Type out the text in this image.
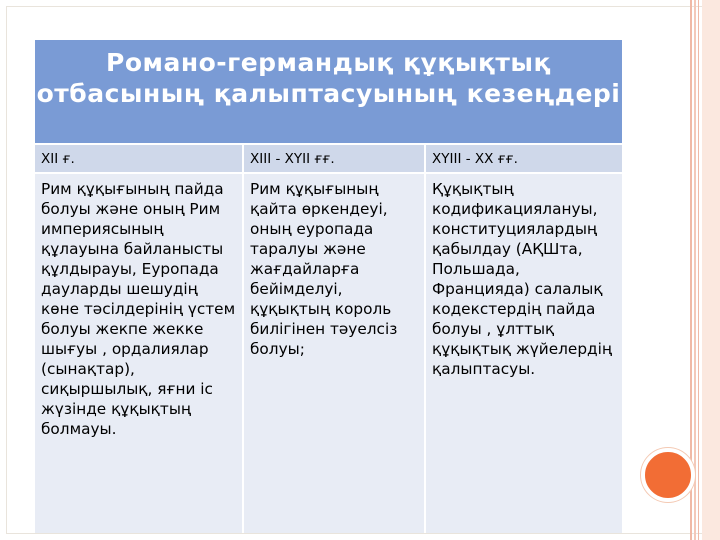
Романо-германдық құқықтық отбасының қалыптасуының кезеңдері		
XII ғ.	XIII - XYII ғғ.	XYIII - XX ғғ.
Рим құқығының пайда болуы және оның Рим империясының құлауына байланысты құлдырауы, Еуропада дауларды шешудің көне тәсілдерінің үстем болуы жекпе жекке шығуы , ордалиялар (сынақтар), сиқыршылық, яғни іс жүзінде құқықтың болмауы.	Рим құқығының қайта өркендеуі, оның еуропада таралуы және жағдайларға бейімделуі, құқықтың король билігінен тәуелсіз болуы;	Құқықтың кодификациялануы, конституциялардың қабылдау (АҚШта, Польшада, Францияда) салалық кодекстердің пайда болуы , ұлттық құқықтық жүйелердің қалыптасуы.
